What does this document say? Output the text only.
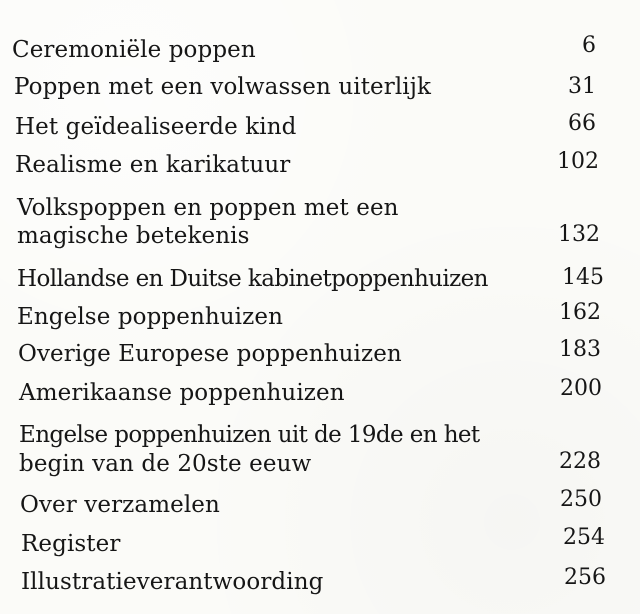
Ceremoniële poppen	6
Poppen met een volwassen uiterlijk	31
Het geïdealiseerde kind	66
Realisme en karikatuur	102
Volkspoppen en poppen met een
magische betekenis	132
Hollandse en Duitse kabinetpoppenhuizen	145
Engelse poppenhuizen	162
Overige Europese poppenhuizen	183
Amerikaanse poppenhuizen	200
Engelse poppenhuizen uit de 19de en het
begin van de 20ste eeuw	228
Over verzamelen	250
Register	254
Illustratieverantwoording	256
